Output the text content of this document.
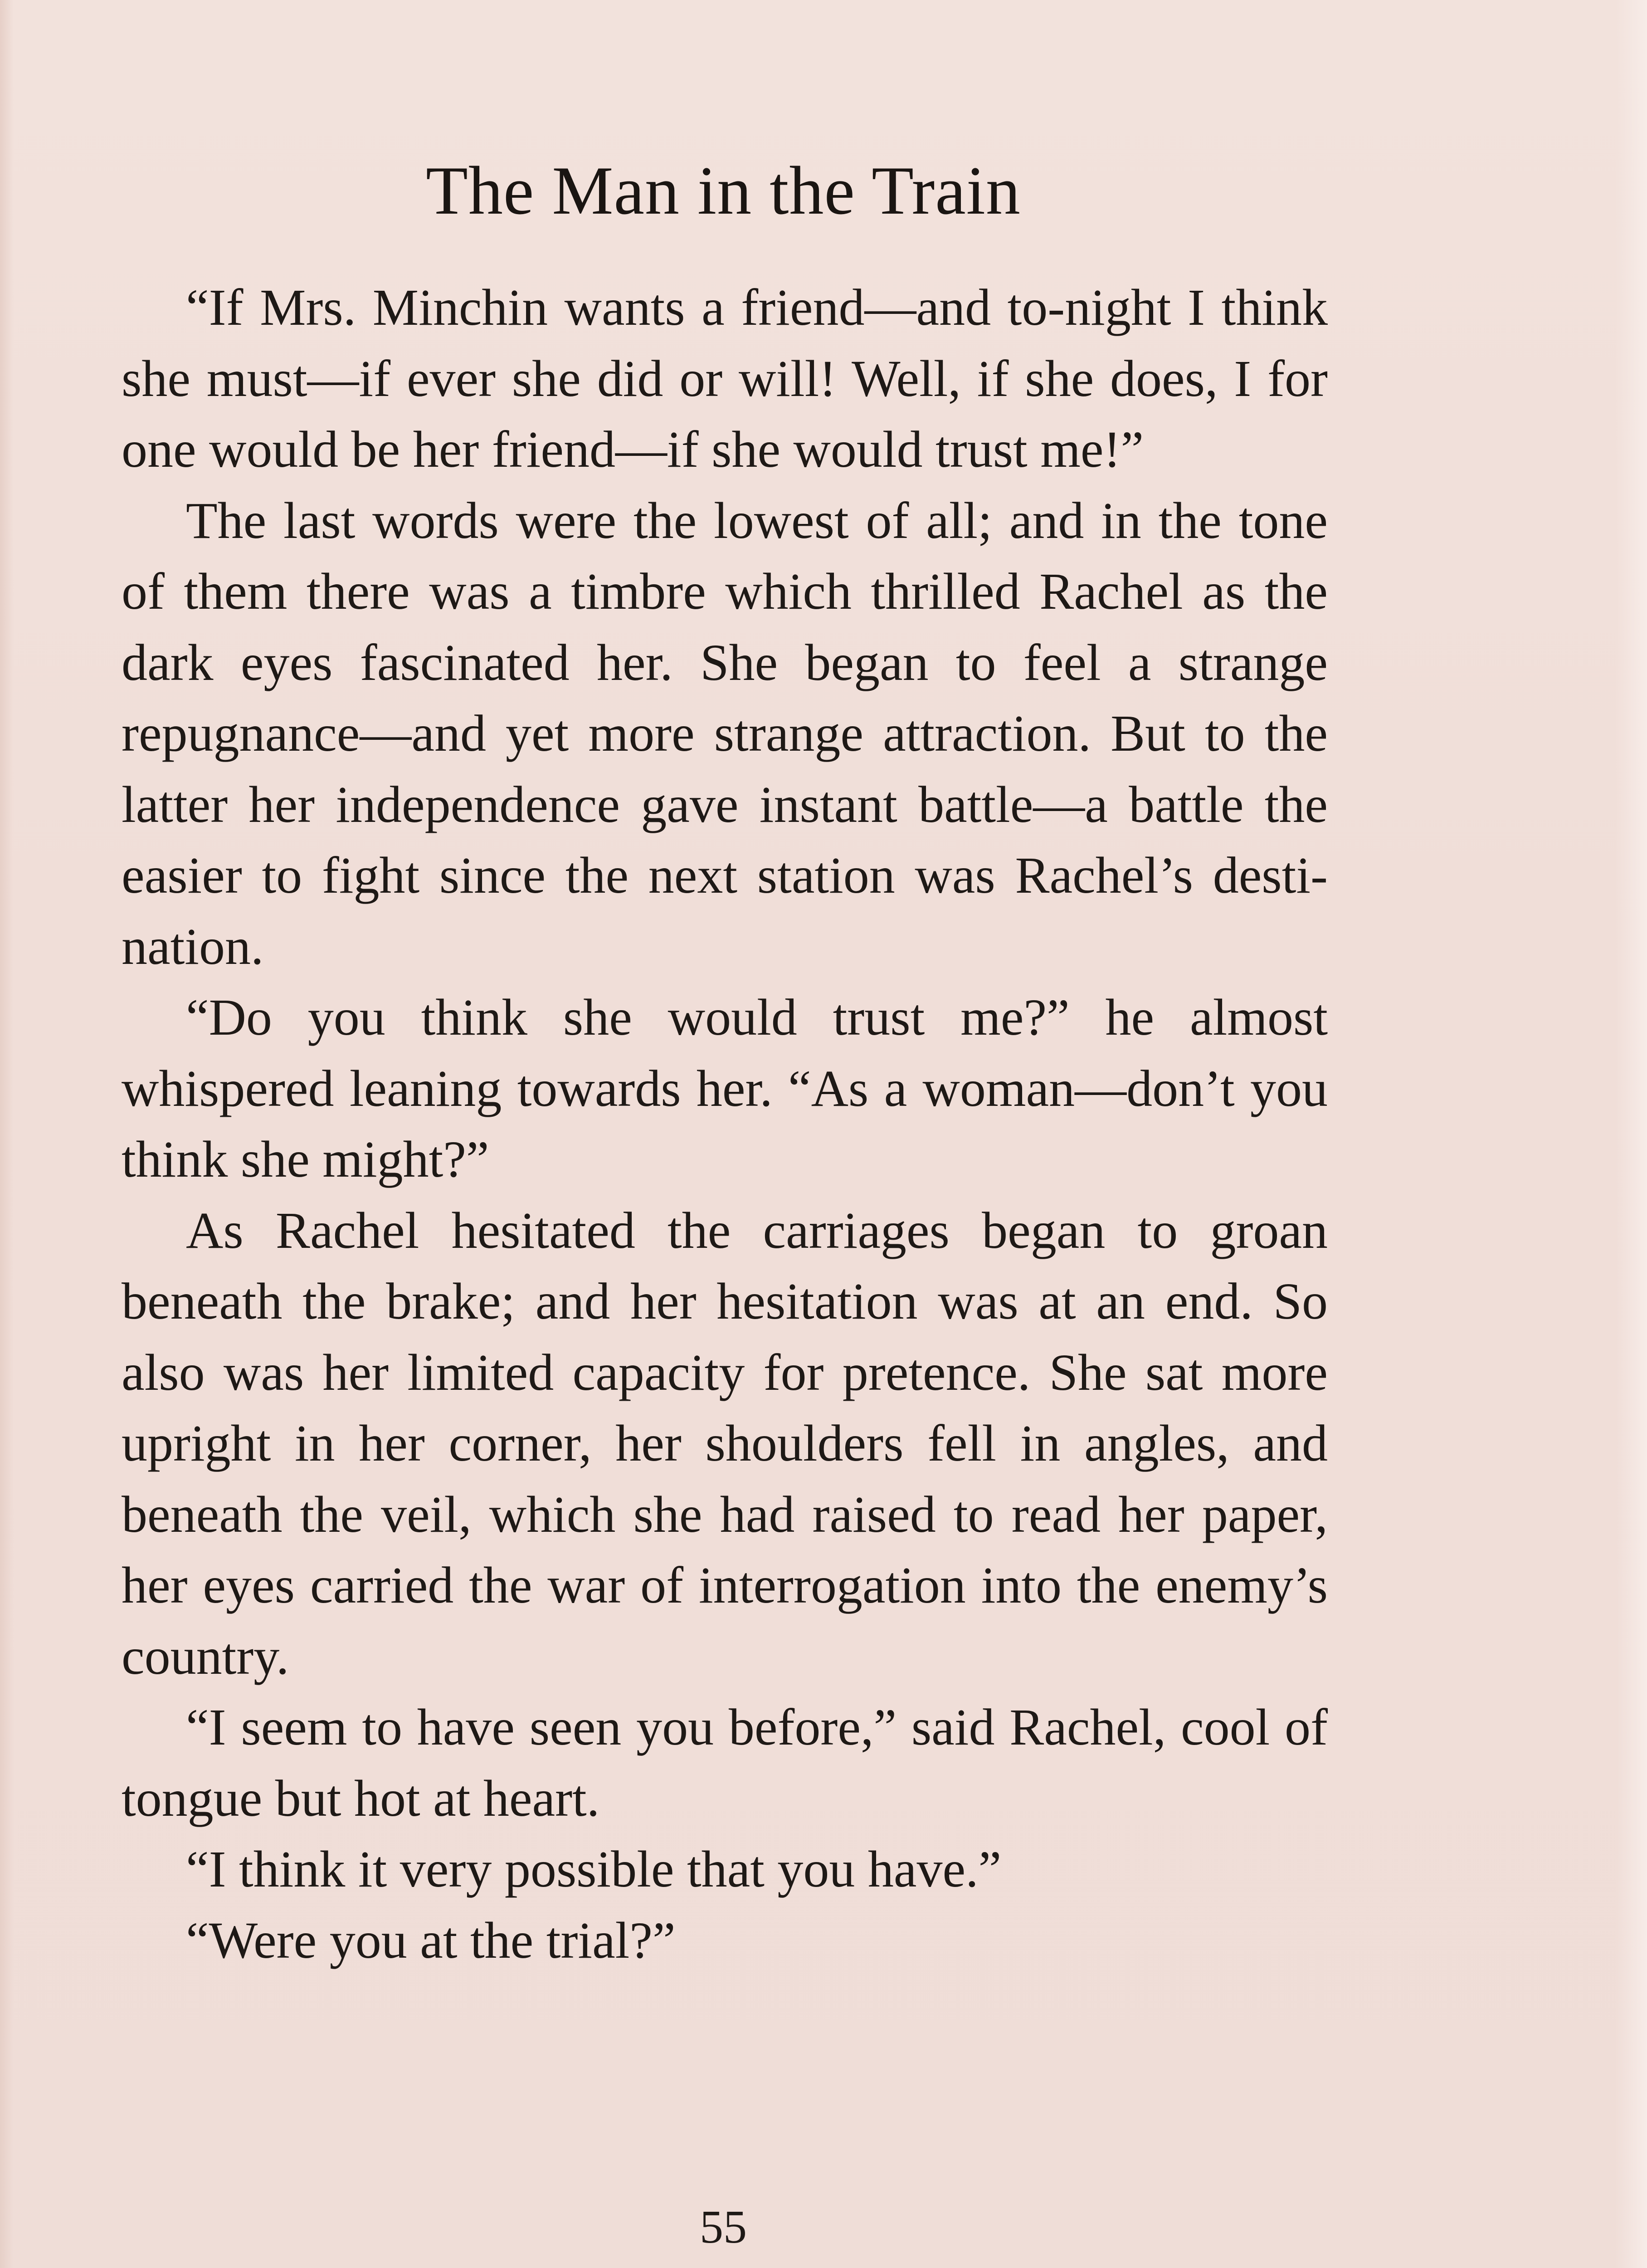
The Man in the Train

“If Mrs. Minchin wants a friend—and to-night I think she must—if ever she did or will! Well, if she does, I for one would be her friend—if she would trust me!”

The last words were the lowest of all; and in the tone of them there was a timbre which thrilled Rachel as the dark eyes fascinated her. She began to feel a strange repugnance—and yet more strange attraction. But to the latter her independence gave instant battle—a battle the easier to fight since the next station was Rachel’s destination.

“Do you think she would trust me?” he almost whispered leaning towards her. “As a woman—don’t you think she might?”

As Rachel hesitated the carriages began to groan beneath the brake; and her hesitation was at an end. So also was her limited capacity for pretence. She sat more upright in her corner, her shoulders fell in angles, and beneath the veil, which she had raised to read her paper, her eyes carried the war of interrogation into the enemy’s country.

“I seem to have seen you before,” said Rachel, cool of tongue but hot at heart.

“I think it very possible that you have.”

“Were you at the trial?”

55
